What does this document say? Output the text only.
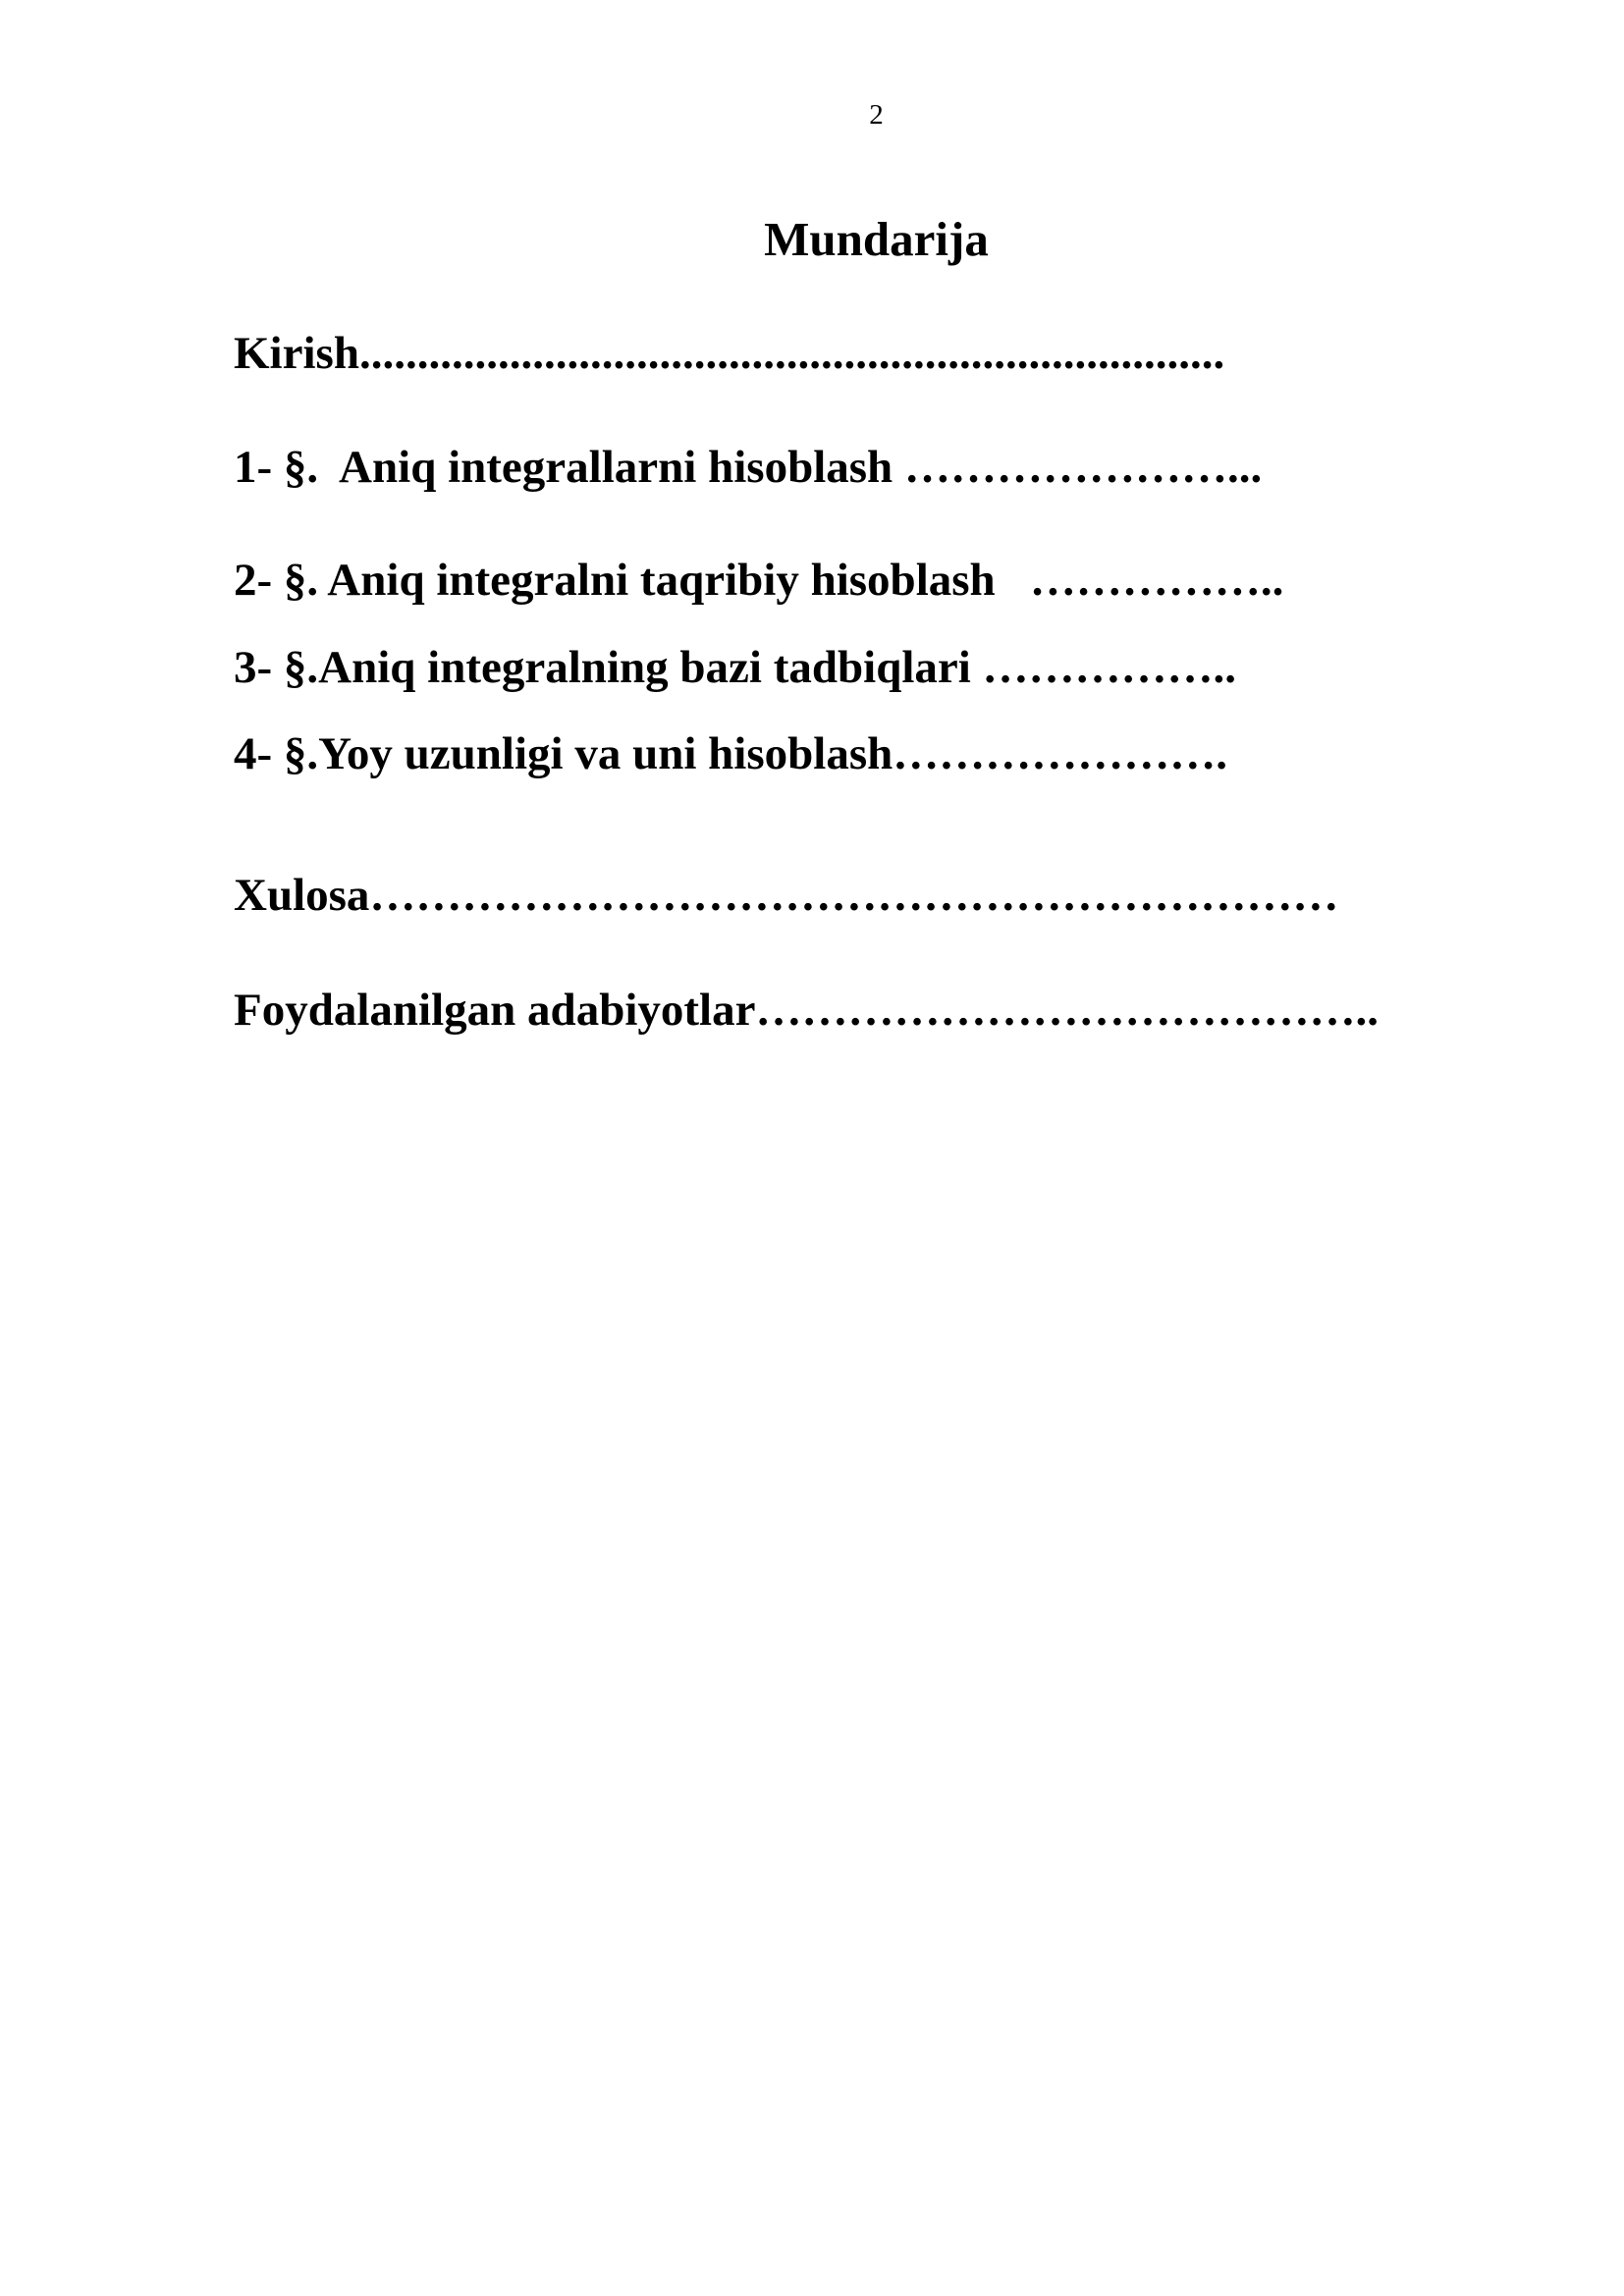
2
Mundarija
Kirish...........................................................................
1- §.  Aniq integrallarni hisoblash …………………...
2- §. Aniq integralni taqribiy hisoblash   ……………..
3- §.Aniq integralning bazi tadbiqlari ……………..
4- §.Yoy uzunligi va uni hisoblash………………….
Xulosa………………………………………………………
Foydalanilgan adabiyotlar…………………………………..
